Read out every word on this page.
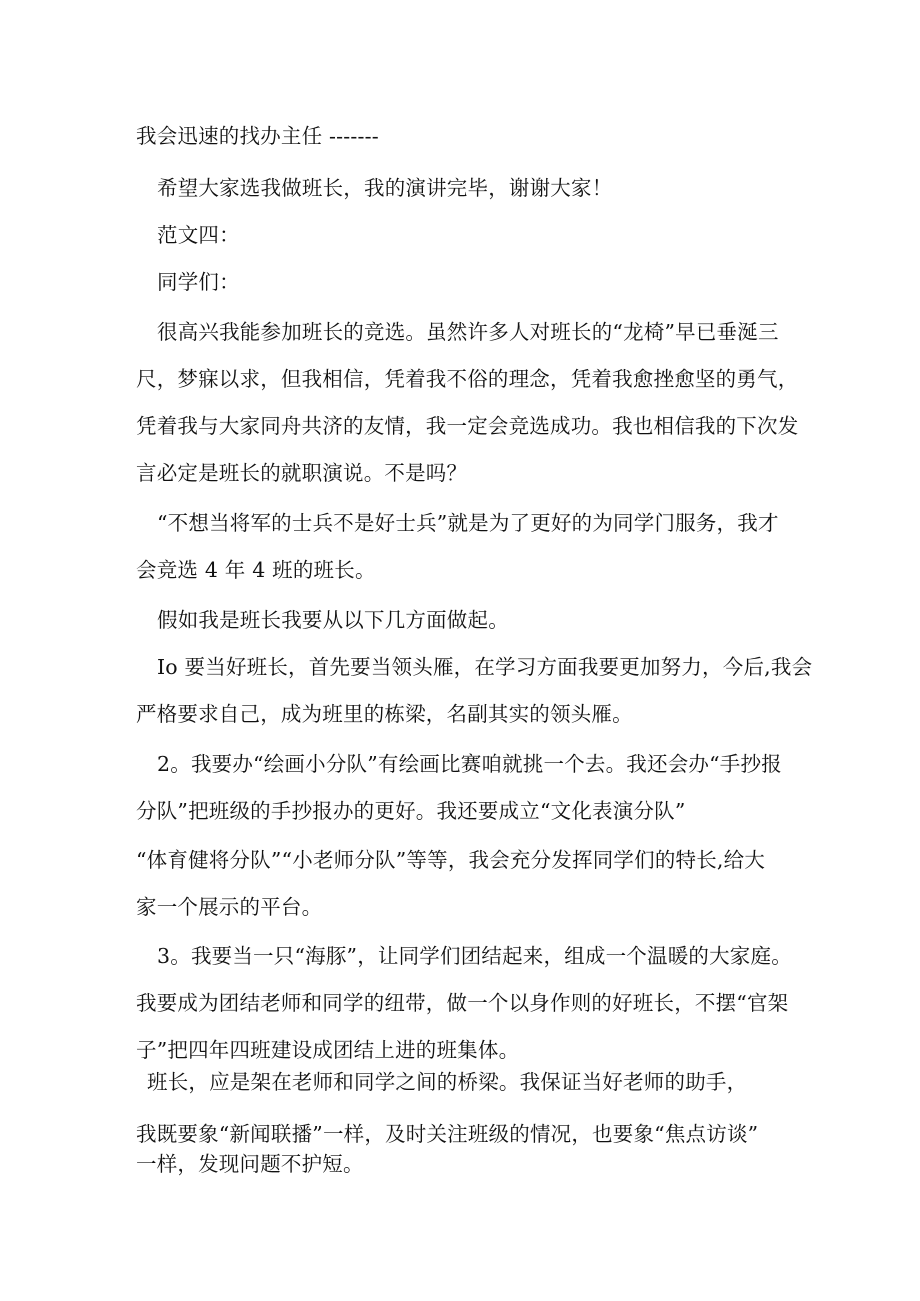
我会迅速的找办主任 -------
希望大家选我做班长，我的演讲完毕，谢谢大家！
范文四：
同学们：
很高兴我能参加班长的竞选。虽然许多人对班长的“龙椅”早已垂涎三
尺，梦寐以求，但我相信，凭着我不俗的理念，凭着我愈挫愈坚的勇气，
凭着我与大家同舟共济的友情，我一定会竞选成功。我也相信我的下次发
言必定是班长的就职演说。不是吗？
“不想当将军的士兵不是好士兵”就是为了更好的为同学门服务，我才
会竞选 4 年 4 班的班长。
假如我是班长我要从以下几方面做起。
Io 要当好班长，首先要当领头雁，在学习方面我要更加努力，今后,我会
严格要求自己，成为班里的栋梁，名副其实的领头雁。
2。我要办“绘画小分队”有绘画比赛咱就挑一个去。我还会办“手抄报
分队”把班级的手抄报办的更好。我还要成立“文化表演分队”
“体育健将分队”“小老师分队”等等，我会充分发挥同学们的特长,给大
家一个展示的平台。
3。我要当一只“海豚”，让同学们团结起来，组成一个温暖的大家庭。
我要成为团结老师和同学的纽带，做一个以身作则的好班长，不摆“官架
子”把四年四班建设成团结上进的班集体。
班长，应是架在老师和同学之间的桥梁。我保证当好老师的助手，
我既要象“新闻联播”一样，及时关注班级的情况，也要象“焦点访谈”
一样，发现问题不护短。
